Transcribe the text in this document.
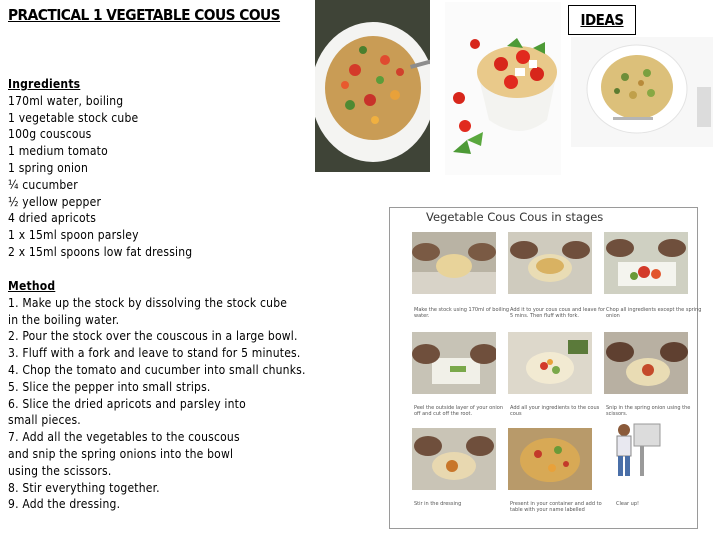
PRACTICAL 1 VEGETABLE COUS COUS	IDEAS
Ingredients
170ml water, boiling
1 vegetable stock cube
100g couscous
1 medium tomato
1 spring onion
¼ cucumber
½ yellow pepper
4 dried apricots
1 x 15ml spoon parsley
2 x 15ml spoons low fat dressing
Method
1. Make up the stock by dissolving the stock cube
in the boiling water.
2. Pour the stock over the couscous in a large bowl.
3. Fluff with a fork and leave to stand for 5 minutes.
4. Chop the tomato and cucumber into small chunks.
5. Slice the pepper into small strips.
6. Slice the dried apricots and parsley into
small pieces.
7. Add all the vegetables to the couscous
and snip the spring onions into the bowl
using the scissors.
8. Stir everything together.
9. Add the dressing.
Vegetable Cous Cous in stages
Make the stock using 170ml of boiling water.
Add it to your cous cous and leave for 5 mins. Then fluff with fork.
Chop all ingredients except the spring onion
Peel the outside layer of your onion off and cut off the root.
Add all your ingredients to the cous cous
Snip in the spring onion using the scissors.
Stir in the dressing	Present in your container and add to table with your name labelled
Clear up!
